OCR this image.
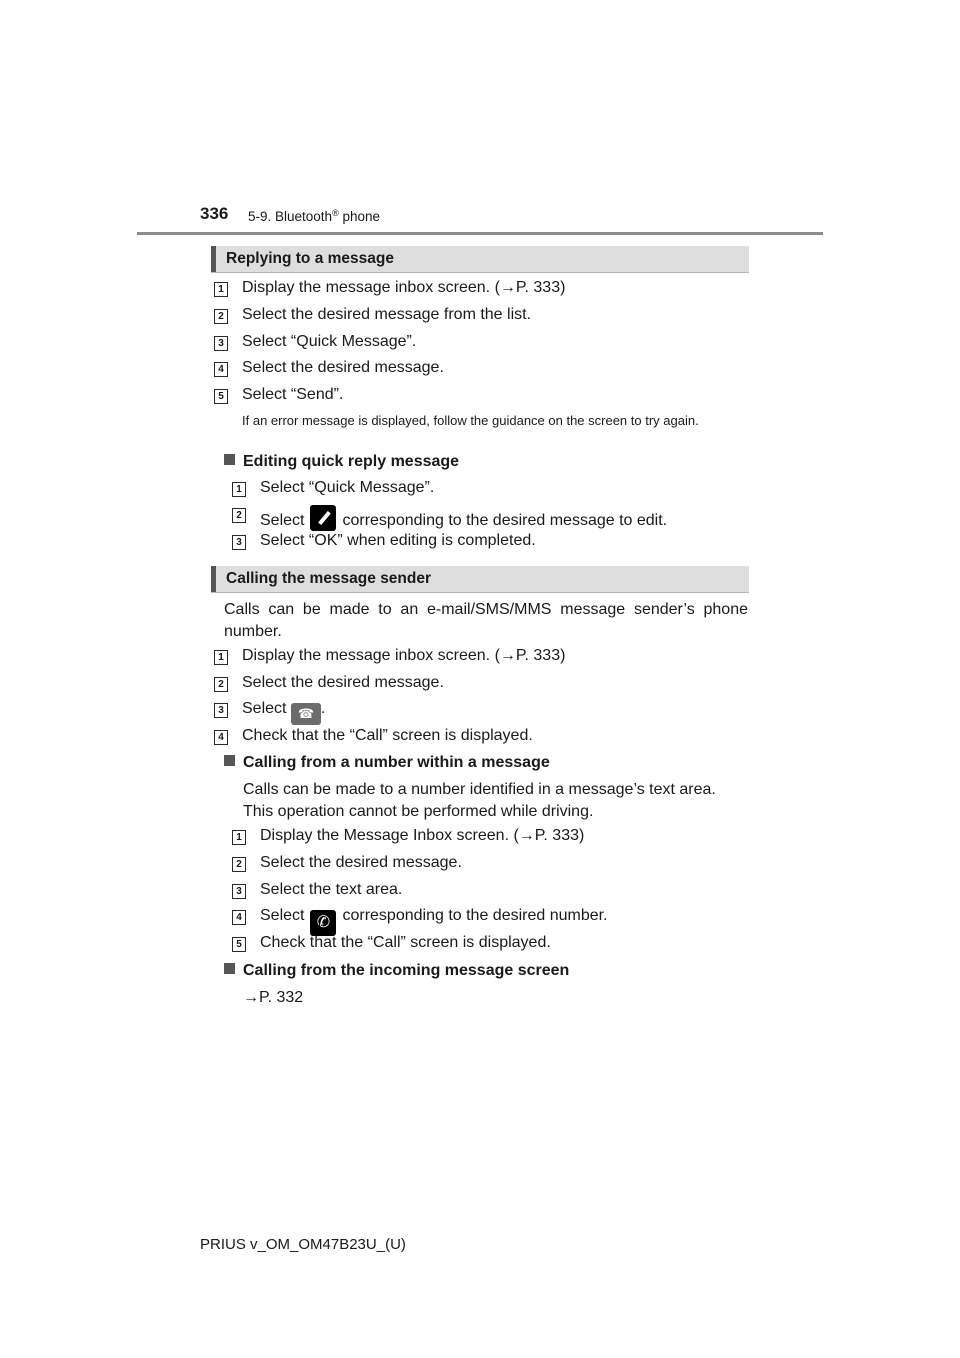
336 5-9. Bluetooth® phone
Replying to a message
1 Display the message inbox screen. (→P. 333)
2 Select the desired message from the list.
3 Select “Quick Message”.
4 Select the desired message.
5 Select “Send”.
If an error message is displayed, follow the guidance on the screen to try again.
Editing quick reply message
1 Select “Quick Message”.
2 Select corresponding to the desired message to edit.
3 Select “OK” when editing is completed.
Calling the message sender
Calls can be made to an e-mail/SMS/MMS message sender’s phone number.
1 Display the message inbox screen. (→P. 333)
2 Select the desired message.
3 Select ☎ .
4 Check that the “Call” screen is displayed.
Calling from a number within a message
Calls can be made to a number identified in a message’s text area.
This operation cannot be performed while driving.
1 Display the Message Inbox screen. (→P. 333)
2 Select the desired message.
3 Select the text area.
4 Select ✆ corresponding to the desired number.
5 Check that the “Call” screen is displayed.
Calling from the incoming message screen
→P. 332
PRIUS v_OM_OM47B23U_(U)
